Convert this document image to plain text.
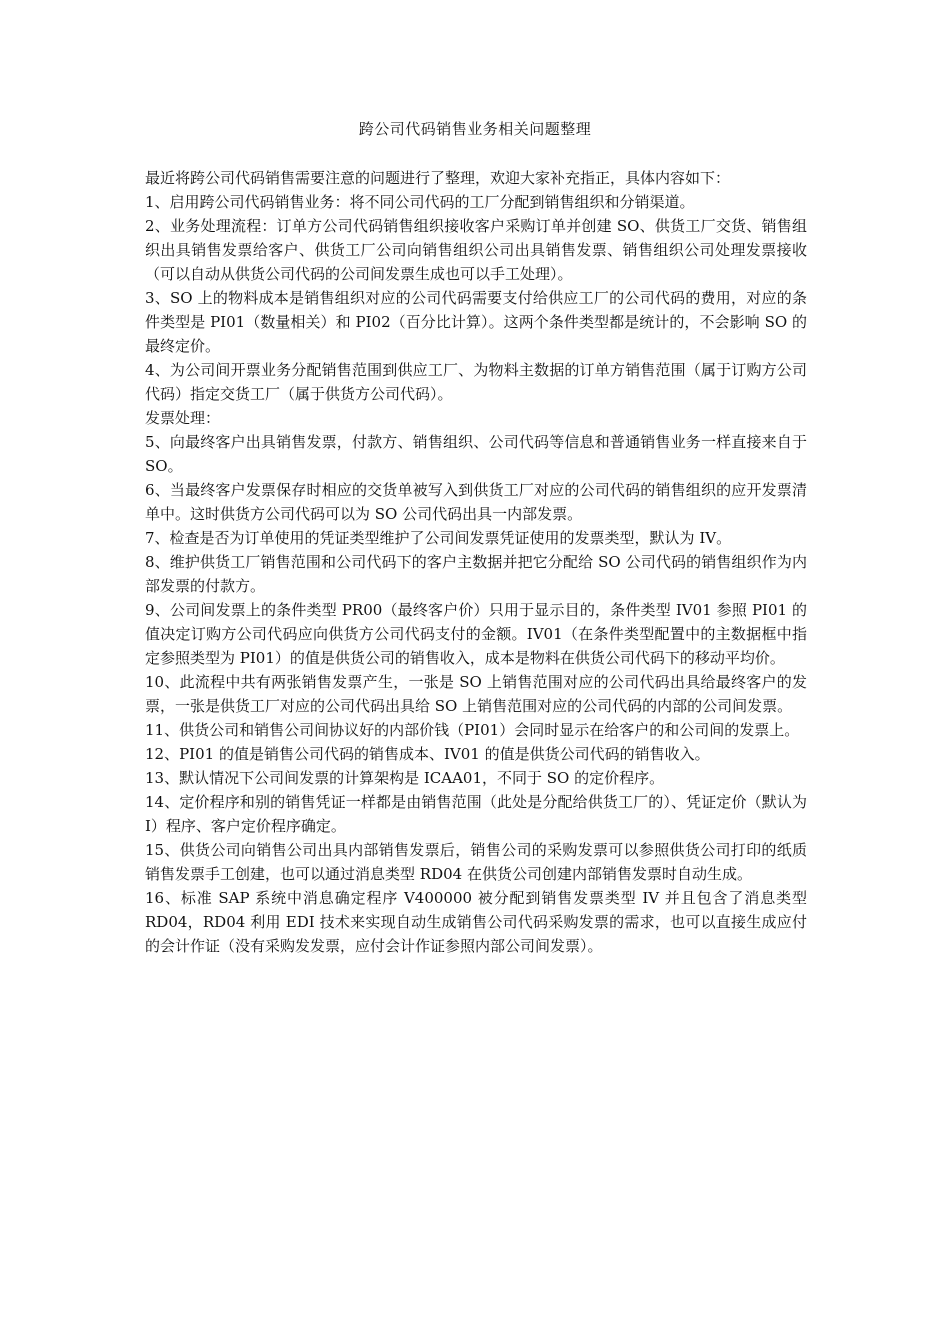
跨公司代码销售业务相关问题整理

最近将跨公司代码销售需要注意的问题进行了整理，欢迎大家补充指正，具体内容如下：

1、启用跨公司代码销售业务：将不同公司代码的工厂分配到销售组织和分销渠道。

2、业务处理流程：订单方公司代码销售组织接收客户采购订单并创建 SO、供货工厂交货、销售组织出具销售发票给客户、供货工厂公司向销售组织公司出具销售发票、销售组织公司处理发票接收（可以自动从供货公司代码的公司间发票生成也可以手工处理）。

3、SO 上的物料成本是销售组织对应的公司代码需要支付给供应工厂的公司代码的费用，对应的条件类型是 PI01（数量相关）和 PI02（百分比计算）。这两个条件类型都是统计的，不会影响 SO 的最终定价。

4、为公司间开票业务分配销售范围到供应工厂、为物料主数据的订单方销售范围（属于订购方公司代码）指定交货工厂（属于供货方公司代码）。

发票处理：

5、向最终客户出具销售发票，付款方、销售组织、公司代码等信息和普通销售业务一样直接来自于 SO。

6、当最终客户发票保存时相应的交货单被写入到供货工厂对应的公司代码的销售组织的应开发票清单中。这时供货方公司代码可以为 SO 公司代码出具一内部发票。

7、检查是否为订单使用的凭证类型维护了公司间发票凭证使用的发票类型，默认为 IV。

8、维护供货工厂销售范围和公司代码下的客户主数据并把它分配给 SO 公司代码的销售组织作为内部发票的付款方。

9、公司间发票上的条件类型 PR00（最终客户价）只用于显示目的，条件类型 IV01 参照 PI01 的值决定订购方公司代码应向供货方公司代码支付的金额。IV01（在条件类型配置中的主数据框中指定参照类型为 PI01）的值是供货公司的销售收入，成本是物料在供货公司代码下的移动平均价。

10、此流程中共有两张销售发票产生，一张是 SO 上销售范围对应的公司代码出具给最终客户的发票，一张是供货工厂对应的公司代码出具给 SO 上销售范围对应的公司代码的内部的公司间发票。

11、供货公司和销售公司间协议好的内部价钱（PI01）会同时显示在给客户的和公司间的发票上。

12、PI01 的值是销售公司代码的销售成本、IV01 的值是供货公司代码的销售收入。

13、默认情况下公司间发票的计算架构是 ICAA01，不同于 SO 的定价程序。

14、定价程序和别的销售凭证一样都是由销售范围（此处是分配给供货工厂的）、凭证定价（默认为 I）程序、客户定价程序确定。

15、供货公司向销售公司出具内部销售发票后，销售公司的采购发票可以参照供货公司打印的纸质销售发票手工创建，也可以通过消息类型 RD04 在供货公司创建内部销售发票时自动生成。

16、标准 SAP 系统中消息确定程序 V400000 被分配到销售发票类型 IV 并且包含了消息类型 RD04，RD04 利用 EDI 技术来实现自动生成销售公司代码采购发票的需求，也可以直接生成应付的会计作证（没有采购发发票，应付会计作证参照内部公司间发票）。
